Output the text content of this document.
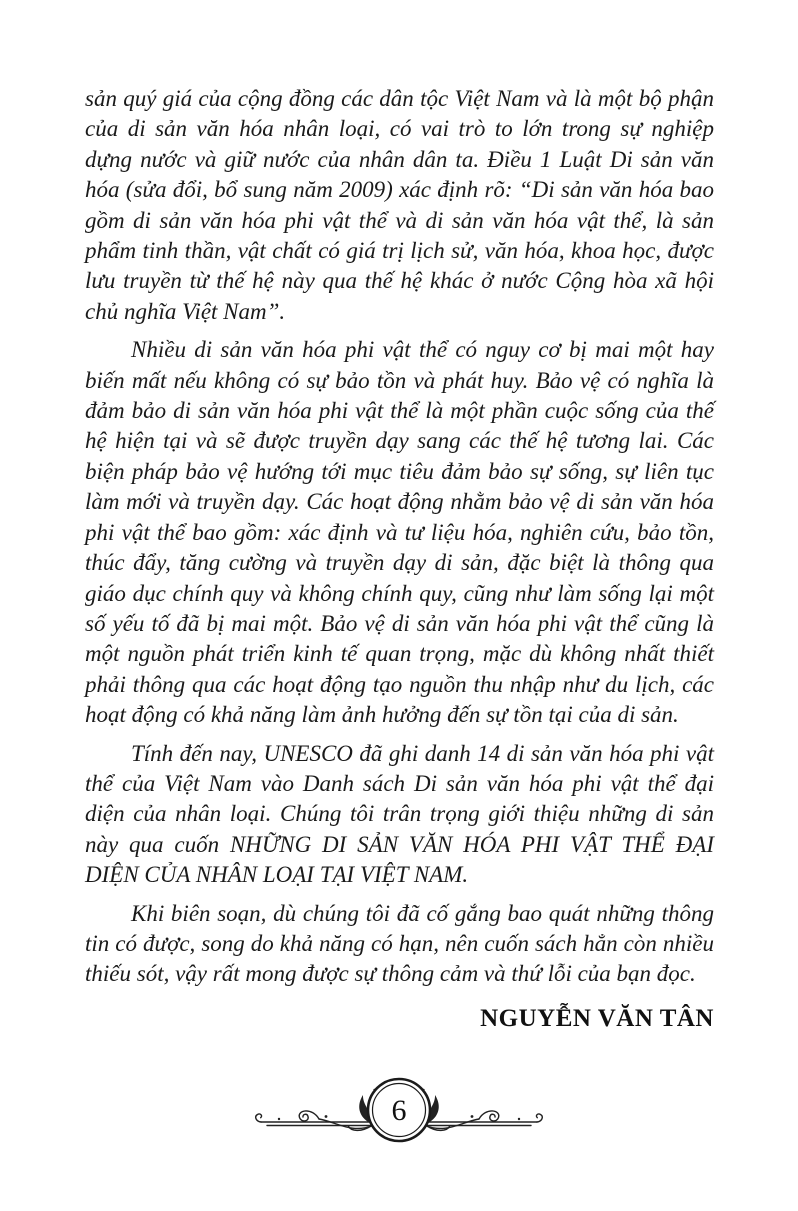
sản quý giá của cộng đồng các dân tộc Việt Nam và là một bộ phận của di sản văn hóa nhân loại, có vai trò to lớn trong sự nghiệp dựng nước và giữ nước của nhân dân ta. Điều 1 Luật Di sản văn hóa (sửa đổi, bổ sung năm 2009) xác định rõ: “Di sản văn hóa bao gồm di sản văn hóa phi vật thể và di sản văn hóa vật thể, là sản phẩm tinh thần, vật chất có giá trị lịch sử, văn hóa, khoa học, được lưu truyền từ thế hệ này qua thế hệ khác ở nước Cộng hòa xã hội chủ nghĩa Việt Nam”.

Nhiều di sản văn hóa phi vật thể có nguy cơ bị mai một hay biến mất nếu không có sự bảo tồn và phát huy. Bảo vệ có nghĩa là đảm bảo di sản văn hóa phi vật thể là một phần cuộc sống của thế hệ hiện tại và sẽ được truyền dạy sang các thế hệ tương lai. Các biện pháp bảo vệ hướng tới mục tiêu đảm bảo sự sống, sự liên tục làm mới và truyền dạy. Các hoạt động nhằm bảo vệ di sản văn hóa phi vật thể bao gồm: xác định và tư liệu hóa, nghiên cứu, bảo tồn, thúc đẩy, tăng cường và truyền dạy di sản, đặc biệt là thông qua giáo dục chính quy và không chính quy, cũng như làm sống lại một số yếu tố đã bị mai một. Bảo vệ di sản văn hóa phi vật thể cũng là một nguồn phát triển kinh tế quan trọng, mặc dù không nhất thiết phải thông qua các hoạt động tạo nguồn thu nhập như du lịch, các hoạt động có khả năng làm ảnh hưởng đến sự tồn tại của di sản.

Tính đến nay, UNESCO đã ghi danh 14 di sản văn hóa phi vật thể của Việt Nam vào Danh sách Di sản văn hóa phi vật thể đại diện của nhân loại. Chúng tôi trân trọng giới thiệu những di sản này qua cuốn NHỮNG DI SẢN VĂN HÓA PHI VẬT THỂ ĐẠI DIỆN CỦA NHÂN LOẠI TẠI VIỆT NAM.

Khi biên soạn, dù chúng tôi đã cố gắng bao quát những thông tin có được, song do khả năng có hạn, nên cuốn sách hẳn còn nhiều thiếu sót, vậy rất mong được sự thông cảm và thứ lỗi của bạn đọc.

NGUYỄN VĂN TÂN
6
